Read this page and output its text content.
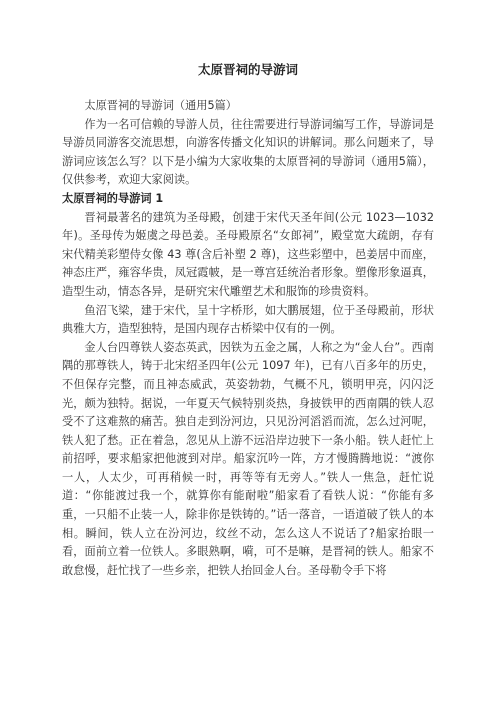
太原晋祠的导游词

太原晋祠的导游词（通用5篇）

作为一名可信赖的导游人员，往往需要进行导游词编写工作，导游词是导游员同游客交流思想，向游客传播文化知识的讲解词。那么问题来了，导游词应该怎么写？以下是小编为大家收集的太原晋祠的导游词（通用5篇），仅供参考，欢迎大家阅读。

太原晋祠的导游词 1

晋祠最著名的建筑为圣母殿，创建于宋代天圣年间(公元 1023—1032 年)。圣母传为姬虞之母邑姜。圣母殿原名“女郎祠”，殿堂宽大疏朗，存有宋代精美彩塑侍女像 43 尊(含后补塑 2 尊)，这些彩塑中，邑姜居中而座，神态庄严，雍容华贵，凤冠霞帔，是一尊宫廷统治者形象。塑像形象逼真，造型生动，情态各异，是研究宋代雕塑艺术和服饰的珍贵资料。

鱼沼飞梁，建于宋代，呈十字桥形，如大鹏展翅，位于圣母殿前，形状典雅大方，造型独特，是国内现存古桥梁中仅有的一例。

金人台四尊铁人姿态英武，因铁为五金之属，人称之为“金人台”。西南隅的那尊铁人，铸于北宋绍圣四年(公元 1097 年)，已有八百多年的历史，不但保存完整，而且神态威武，英姿勃勃，气概不凡，锁明甲亮，闪闪泛光，颇为独特。据说，一年夏天气候特别炎热，身披铁甲的西南隅的铁人忍受不了这难熬的痛苦。独自走到汾河边，只见汾河滔滔而流，怎么过河呢，铁人犯了愁。正在着急，忽见从上游不远沿岸边驶下一条小船。铁人赶忙上前招呼，要求船家把他渡到对岸。船家沉吟一阵，方才慢腾腾地说：“渡你一人，人太少，可再稍候一时，再等等有无旁人。”铁人一焦急，赶忙说道：“你能渡过我一个，就算你有能耐啦”船家看了看铁人说：“你能有多重，一只船不止装一人，除非你是铁铸的。”话一落音，一语道破了铁人的本相。瞬间，铁人立在汾河边，纹丝不动，怎么这人不说话了?船家抬眼一看，面前立着一位铁人。多眼熟啊，嗬，可不是嘛，是晋祠的铁人。船家不敢怠慢，赶忙找了一些乡亲，把铁人抬回金人台。圣母勒令手下将
